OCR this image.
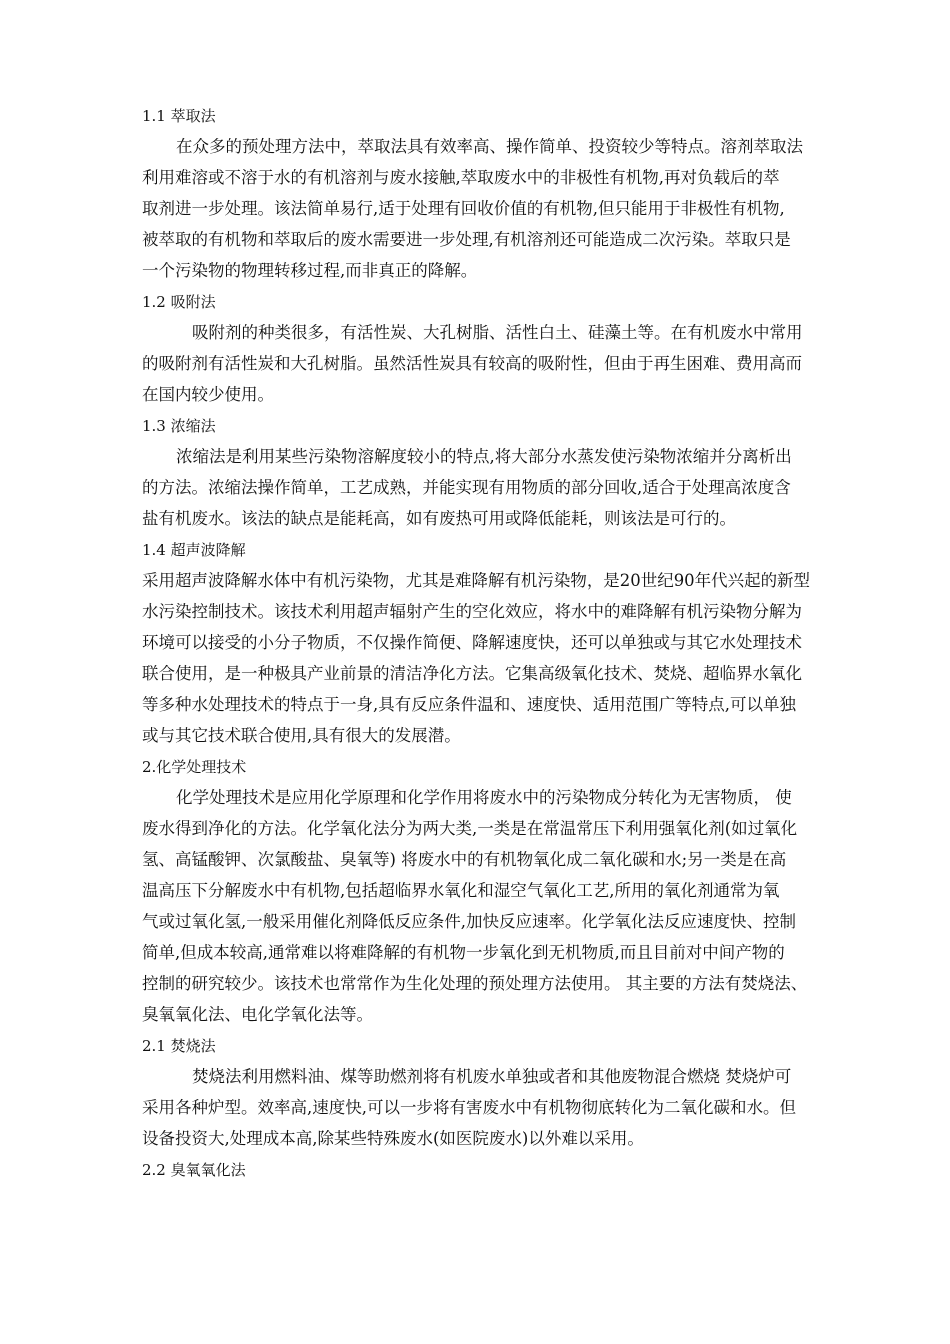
1.1 萃取法
在众多的预处理方法中，萃取法具有效率高、操作简单、投资较少等特点。溶剂萃取法
利用难溶或不溶于水的有机溶剂与废水接触,萃取废水中的非极性有机物,再对负载后的萃
取剂进一步处理。该法简单易行,适于处理有回收价值的有机物,但只能用于非极性有机物,
被萃取的有机物和萃取后的废水需要进一步处理,有机溶剂还可能造成二次污染。萃取只是
一个污染物的物理转移过程,而非真正的降解。
1.2 吸附法
吸附剂的种类很多，有活性炭、大孔树脂、活性白土、硅藻土等。在有机废水中常用
的吸附剂有活性炭和大孔树脂。虽然活性炭具有较高的吸附性，但由于再生困难、费用高而
在国内较少使用。
1.3 浓缩法
浓缩法是利用某些污染物溶解度较小的特点,将大部分水蒸发使污染物浓缩并分离析出
的方法。浓缩法操作简单，工艺成熟，并能实现有用物质的部分回收,适合于处理高浓度含
盐有机废水。该法的缺点是能耗高，如有废热可用或降低能耗，则该法是可行的。
1.4 超声波降解
采用超声波降解水体中有机污染物，尤其是难降解有机污染物，是20世纪90年代兴起的新型
水污染控制技术。该技术利用超声辐射产生的空化效应，将水中的难降解有机污染物分解为
环境可以接受的小分子物质，不仅操作简便、降解速度快，还可以单独或与其它水处理技术
联合使用，是一种极具产业前景的清洁净化方法。它集高级氧化技术、焚烧、超临界水氧化
等多种水处理技术的特点于一身,具有反应条件温和、速度快、适用范围广等特点,可以单独
或与其它技术联合使用,具有很大的发展潜。
2.化学处理技术
化学处理技术是应用化学原理和化学作用将废水中的污染物成分转化为无害物质， 使
废水得到净化的方法。化学氧化法分为两大类,一类是在常温常压下利用强氧化剂(如过氧化
氢、高锰酸钾、次氯酸盐、臭氧等) 将废水中的有机物氧化成二氧化碳和水;另一类是在高
温高压下分解废水中有机物,包括超临界水氧化和湿空气氧化工艺,所用的氧化剂通常为氧
气或过氧化氢,一般采用催化剂降低反应条件,加快反应速率。化学氧化法反应速度快、控制
简单,但成本较高,通常难以将难降解的有机物一步氧化到无机物质,而且目前对中间产物的
控制的研究较少。该技术也常常作为生化处理的预处理方法使用。 其主要的方法有焚烧法、
臭氧氧化法、电化学氧化法等。
2.1 焚烧法
焚烧法利用燃料油、煤等助燃剂将有机废水单独或者和其他废物混合燃烧 焚烧炉可
采用各种炉型。效率高,速度快,可以一步将有害废水中有机物彻底转化为二氧化碳和水。但
设备投资大,处理成本高,除某些特殊废水(如医院废水)以外难以采用。
2.2 臭氧氧化法
